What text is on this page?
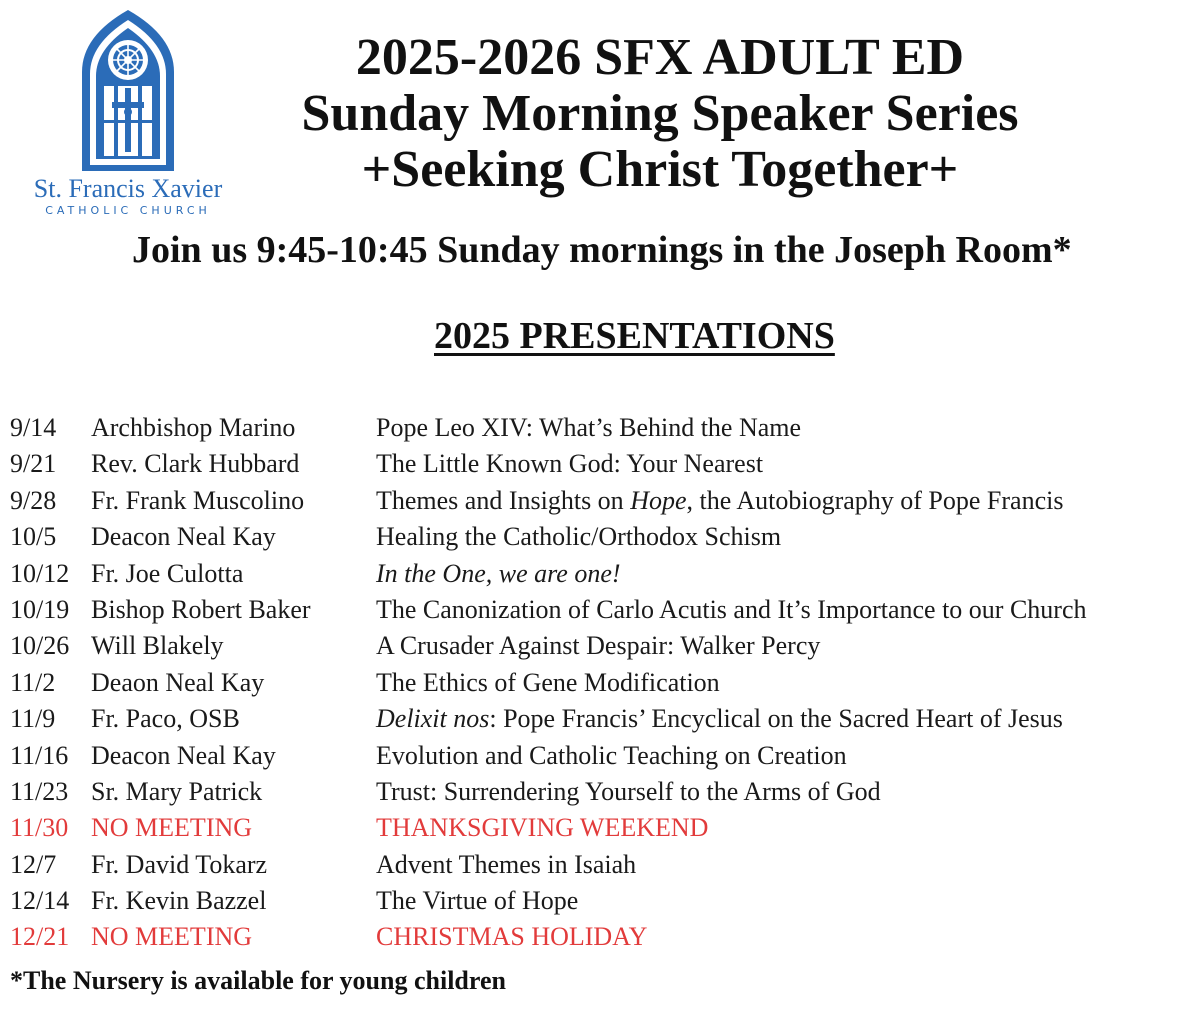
St. Francis Xavier
CATHOLIC CHURCH
2025-2026 SFX ADULT ED
Sunday Morning Speaker Series
+Seeking Christ Together+
Join us 9:45-10:45 Sunday mornings in the Joseph Room*
2025 PRESENTATIONS
9/14 Archbishop Marino	Pope Leo XIV: What’s Behind the Name
9/21 Rev. Clark Hubbard	The Little Known God: Your Nearest
9/28 Fr. Frank Muscolino	Themes and Insights on Hope, the Autobiography of Pope Francis
10/5 Deacon Neal Kay	Healing the Catholic/Orthodox Schism
10/12 Fr. Joe Culotta	In the One, we are one!
10/19 Bishop Robert Baker	The Canonization of Carlo Acutis and It’s Importance to our Church
10/26 Will Blakely	A Crusader Against Despair: Walker Percy
11/2 Deaon Neal Kay	The Ethics of Gene Modification
11/9 Fr. Paco, OSB	Delixit nos: Pope Francis’ Encyclical on the Sacred Heart of Jesus
11/16 Deacon Neal Kay	Evolution and Catholic Teaching on Creation
11/23 Sr. Mary Patrick	Trust: Surrendering Yourself to the Arms of God
11/30 NO MEETING	THANKSGIVING WEEKEND
12/7 Fr. David Tokarz	Advent Themes in Isaiah
12/14 Fr. Kevin Bazzel	The Virtue of Hope
12/21 NO MEETING	CHRISTMAS HOLIDAY
*The Nursery is available for young children
